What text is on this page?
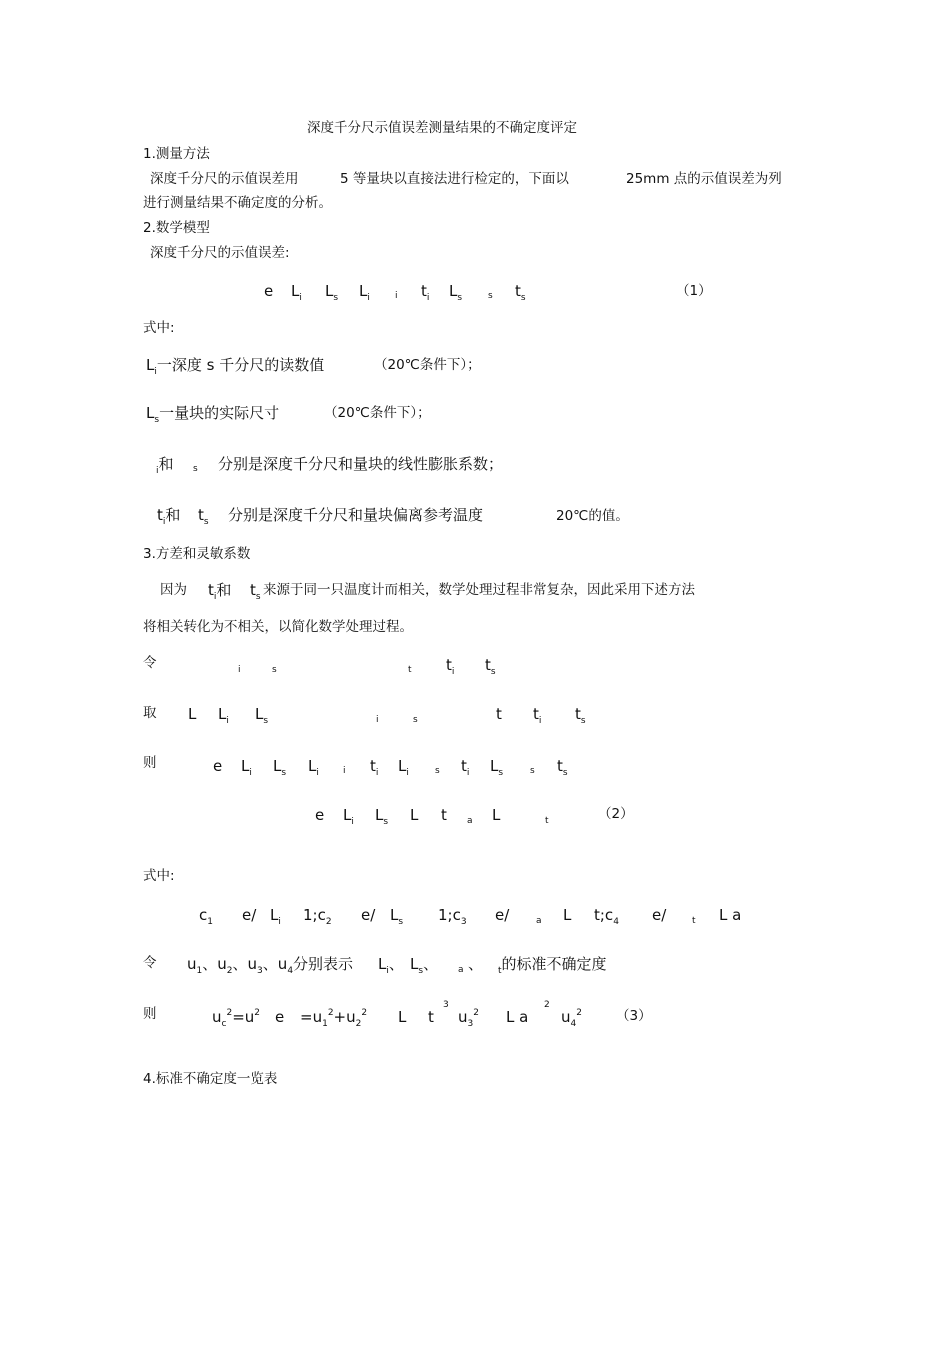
深度千分尺示值误差测量结果的不确定度评定
1.测量方法
深度千分尺的示值误差用	5 等量块以直接法进行检定的，下面以	25mm 点的示值误差为列
进行测量结果不确定度的分析。
2.数学模型
深度千分尺的示值误差:
e $L_i$ $L_s$ $L_i$	i $t_i$ $L_s$	s $t_s$	（1）
式中:
$L_i$一深度 s 千分尺的读数值	（20℃条件下）；
$L_s$一量块的实际尺寸	（20℃条件下）；
$_i$和 s 分别是深度千分尺和量块的线性膨胀系数；
$t_i$和 $t_s$ 分别是深度千分尺和量块偏离参考温度	20℃的值。
3.方差和灵敏系数
因为 $t_i$和 $t_s$ 来源于同一只温度计而相关，数学处理过程非常复杂，因此采用下述方法
将相关转化为不相关，以简化数学处理过程。
令	i	s	t $t_i$ $t_s$
取 L $L_i$ $L_s$	i	s	t $t_i$ $t_s$
则	e $L_i$ $L_s$ $L_i$	i $t_i$ $L_i$	s $t_i$ $L_s$	s $t_s$
e $L_i$ $L_s$ L t a L	t	（2）
式中:
$c_1$ e/ $L_i$ $1;c_2$ e/ $L_s$ $1;c_3$ e/	a L $t;c_4$ e/	t L a
令 $u_1$、$u_2$、$u_3$、$u_4$分别表示 $L_i$、 $L_s$、 a 、 $_t$的标准不确定度
则	$u_c^2=u^2$ $e =u_1^2+u_2^2$ L t
3
$u_3^2$ L a
2
$u_4^2$	（3）
4.标准不确定度一览表
